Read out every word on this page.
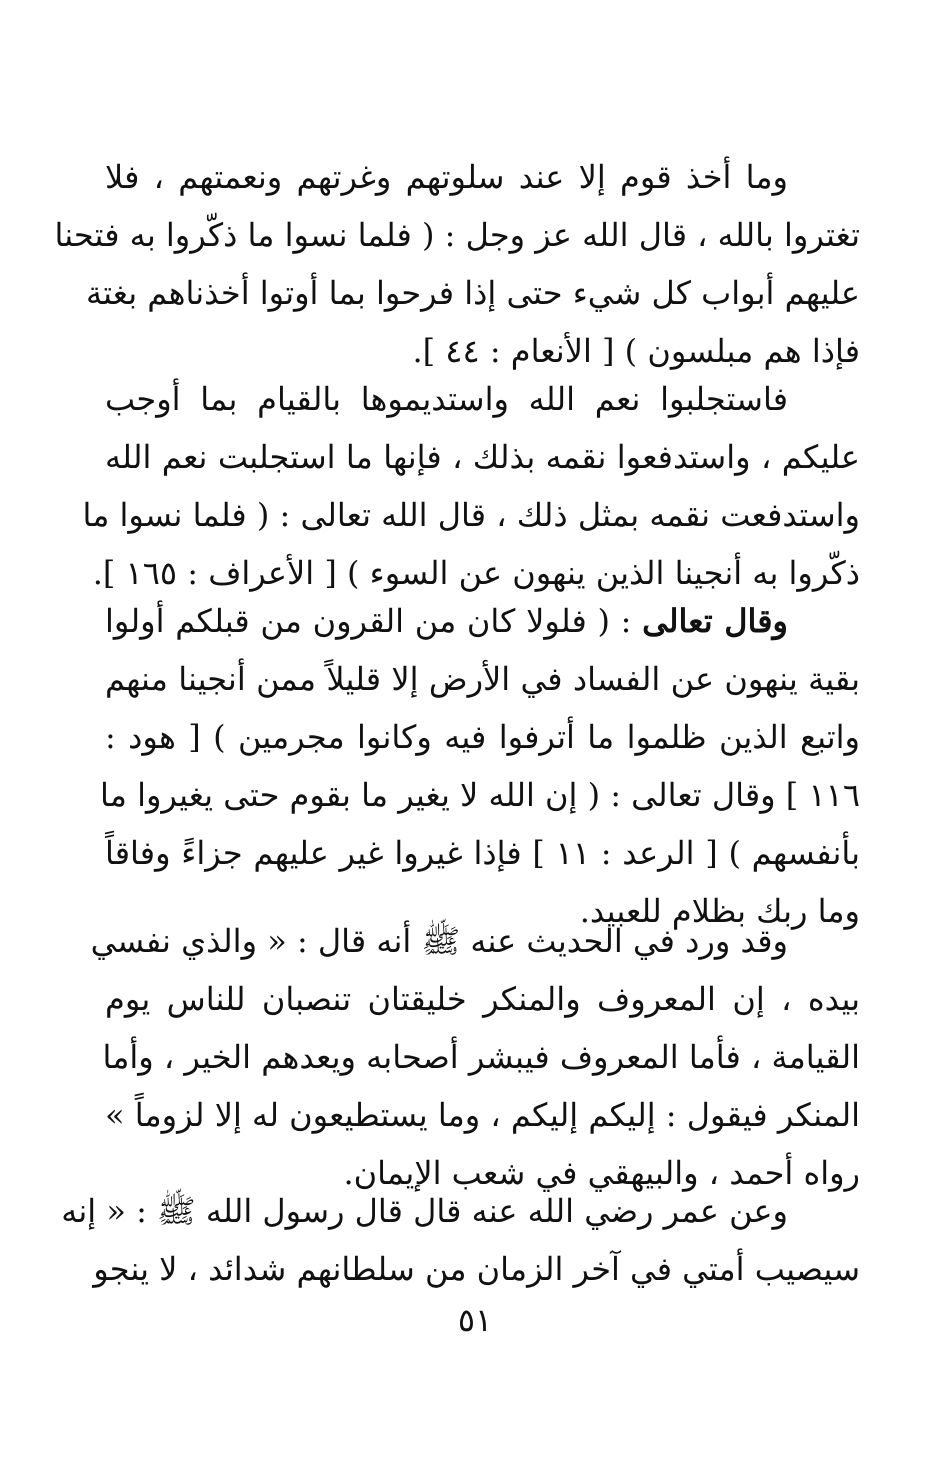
وما أخذ قوم إلا عند سلوتهم وغرتهم ونعمتهم ، فلا
تغتروا بالله ، قال الله عز وجل : ( فلما نسوا ما ذكّروا به فتحنا
عليهم أبواب كل شيء حتى إذا فرحوا بما أوتوا أخذناهم بغتة
فإذا هم مبلسون ) [ الأنعام : ٤٤ ].
فاستجلبوا نعم الله واستديموها بالقيام بما أوجب
عليكم ، واستدفعوا نقمه بذلك ، فإنها ما استجلبت نعم الله
واستدفعت نقمه بمثل ذلك ، قال الله تعالى : ( فلما نسوا ما
ذكّروا به أنجينا الذين ينهون عن السوء ) [ الأعراف : ١٦٥ ].
وقال تعالى : ( فلولا كان من القرون من قبلكم أولوا
بقية ينهون عن الفساد في الأرض إلا قليلاً ممن أنجينا منهم
واتبع الذين ظلموا ما أترفوا فيه وكانوا مجرمين ) [ هود :
١١٦ ] وقال تعالى : ( إن الله لا يغير ما بقوم حتى يغيروا ما
بأنفسهم ) [ الرعد : ١١ ] فإذا غيروا غير عليهم جزاءً وفاقاً
وما ربك بظلام للعبيد.
وقد ورد في الحديث عنه ﷺ أنه قال : « والذي نفسي
بيده ، إن المعروف والمنكر خليقتان تنصبان للناس يوم
القيامة ، فأما المعروف فيبشر أصحابه ويعدهم الخير ، وأما
المنكر فيقول : إليكم إليكم ، وما يستطيعون له إلا لزوماً »
رواه أحمد ، والبيهقي في شعب الإيمان.
وعن عمر رضي الله عنه قال قال رسول الله ﷺ : « إنه
سيصيب أمتي في آخر الزمان من سلطانهم شدائد ، لا ينجو
٥١
